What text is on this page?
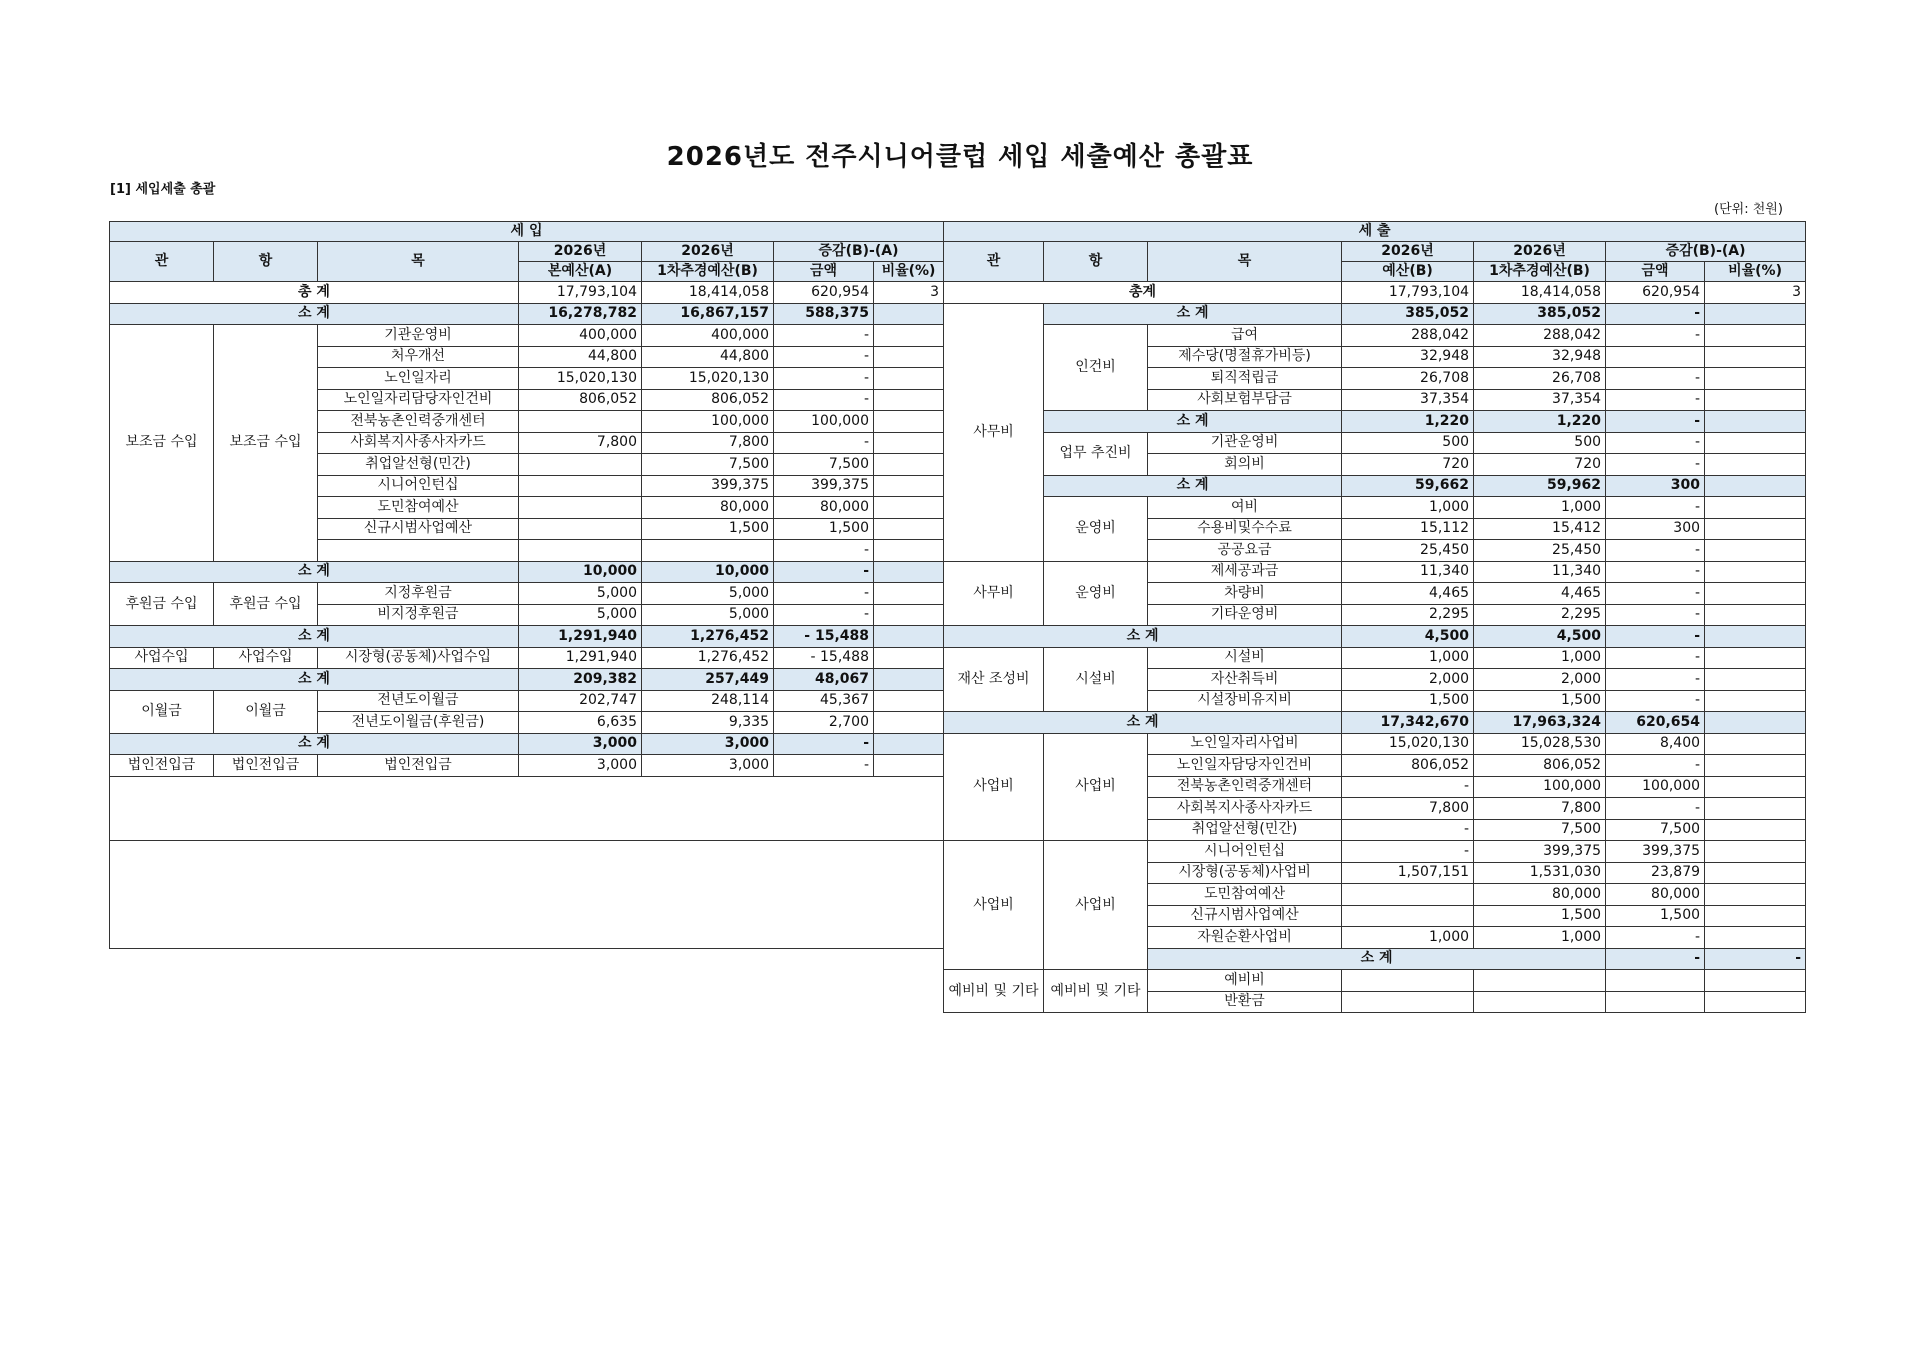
2026년도 전주시니어클럽 세입 세출예산 총괄표
[1] 세입세출 총괄
(단위: 천원)
세 입							세 출							
관	항	목	2026년	2026년	증감(B)-(A)		관	항	목	2026년	2026년	증감(B)-(A)		
			본예산(A)	1차추경예산(B)	금액	비율(%)				예산(B)	1차추경예산(B)	금액	비율(%)	
총 계			17,793,104	18,414,058	620,954	3	총계			17,793,104	18,414,058	620,954	3	
소 계			16,278,782	16,867,157	588,375		사무비	소 계		385,052	385,052	-		
보조금 수입	보조금 수입	기관운영비	400,000	400,000	-			인건비	급여	288,042	288,042	-		
		처우개선	44,800	44,800	-				제수당(명절휴가비등)	32,948	32,948			
		노인일자리	15,020,130	15,020,130	-				퇴직적립금	26,708	26,708	-		
		노인일자리담당자인건비	806,052	806,052	-				사회보험부담금	37,354	37,354	-		
		전북농촌인력중개센터		100,000	100,000			소 계		1,220	1,220	-		
		사회복지사종사자카드	7,800	7,800	-			업무 추진비	기관운영비	500	500	-		
		취업알선형(민간)		7,500	7,500				회의비	720	720	-		
		시니어인턴십		399,375	399,375			소 계		59,662	59,962	300		
		도민참여예산		80,000	80,000			운영비	여비	1,000	1,000	-		
		신규시범사업예산		1,500	1,500				수용비및수수료	15,112	15,412	300		
					-				공공요금	25,450	25,450	-		
소 계			10,000	10,000	-		사무비	운영비	제세공과금	11,340	11,340	-		
후원금 수입	후원금 수입	지정후원금	5,000	5,000	-				차량비	4,465	4,465	-		
		비지정후원금	5,000	5,000	-				기타운영비	2,295	2,295	-		
소 계			1,291,940	1,276,452	- 15,488		소 계			4,500	4,500	-		
사업수입	사업수입	시장형(공동체)사업수입	1,291,940	1,276,452	- 15,488		재산 조성비	시설비	시설비	1,000	1,000	-		
소 계			209,382	257,449	48,067				자산취득비	2,000	2,000	-		
이월금	이월금	전년도이월금	202,747	248,114	45,367				시설장비유지비	1,500	1,500	-		
		전년도이월금(후원금)	6,635	9,335	2,700		소 계			17,342,670	17,963,324	620,654		
소 계			3,000	3,000	-		사업비	사업비	노인일자리사업비	15,020,130	15,028,530	8,400		
법인전입금	법인전입금	법인전입금	3,000	3,000	-				노인일자담당자인건비	806,052	806,052	-		
									전북농촌인력중개센터	-	100,000	100,000		
									사회복지사종사자카드	7,800	7,800	-		
									취업알선형(민간)	-	7,500	7,500		
							사업비	사업비	시니어인턴십	-	399,375	399,375		
									시장형(공동체)사업비	1,507,151	1,531,030	23,879		
									도민참여예산		80,000	80,000		
									신규시범사업예산		1,500	1,500		
									자원순환사업비	1,000	1,000	-		
									소 계			-	-		
							예비비 및 기타	예비비 및 기타	예비비					
									반환금					
